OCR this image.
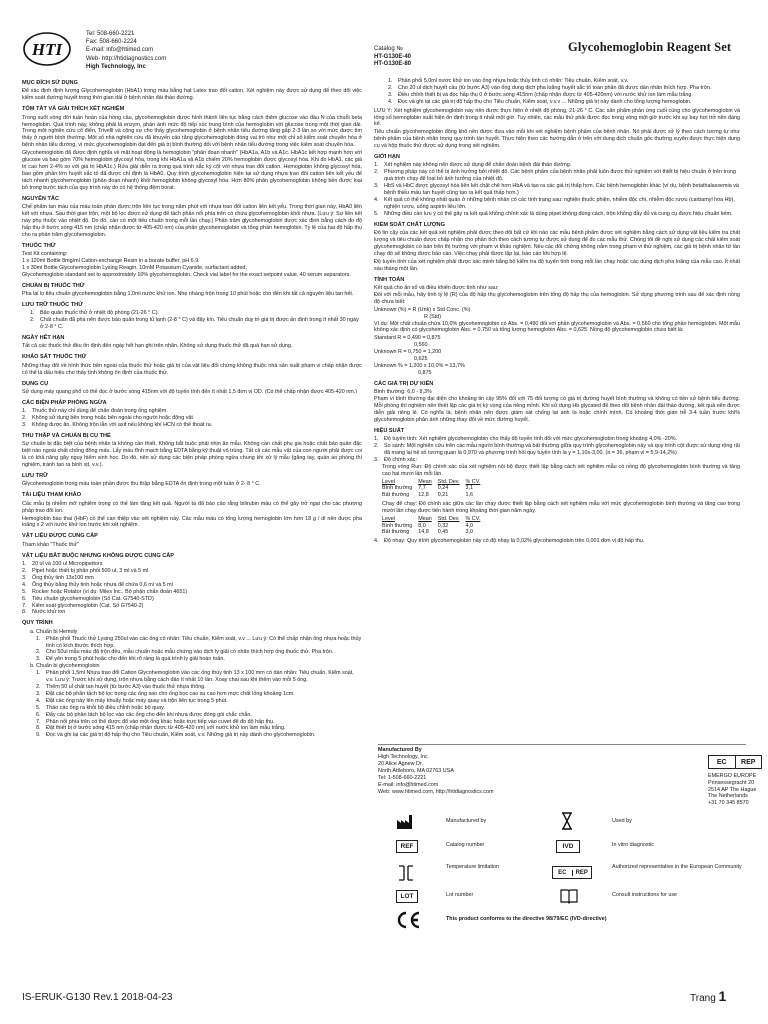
HTI
Tel: 508-660-2221
Fax: 508-660-2224
E-mail: info@htimed.com
Web- http://htidiagnostics.com
High Technology, Inc
Glycohemoglobin Reagent Set
Catalog №
HT-G130E-40
HT-G130E-80
MỤC ĐÍCH SỬ DỤNG
Để xác định định lượng Glycohemoglobin (HbA1) trong máu bằng hạt Latex trao đổi cation. Xét nghiệm này được sử dụng để theo dõi việc kiểm soát đường huyết trong thời gian dài ở bệnh nhân đái tháo đường.
TÓM TẮT VÀ GIẢI THÍCH XÉT NGHIỆM
Trong suốt vòng đời tuần hoàn của hồng cầu, glycohemoglobin được hình thành liên tục bằng cách thêm glucose vào đầu N của chuỗi beta hemoglobin. Quá trình này, không phải là enzym, phản ánh mức độ tiếp xúc trung bình của hemoglobin với glucose trong một thời gian dài. Trong một nghiên cứu cổ điển, Trivelli và cộng sự cho thấy glycohemoglobin ở bệnh nhân tiểu đường tăng gấp 2-3 lần so với mức được tìm thấy ở người bình thường. Một số nhà nghiên cứu đã khuyến cáo rằng glycohemoglobin đóng vai trò như một chỉ số kiểm soát chuyển hóa ở bệnh nhân tiểu đường, vì mức glycohemoglobin đạt đến giá trị bình thường đối với bệnh nhân tiểu đường trong việc kiểm soát chuyển hóa.
Glycohemoglobin đã được định nghĩa về mặt hoạt động là hemoglobin "phân đoạn nhanh" (HbA1a, A1b và A1c. HbA1c kết hợp mạnh hơn với glucose và bao gồm 70% hemoglobin glycosyl hóa, trong khi HbA1a và A1b chiếm 20% hemoglobin được glycosyl hóa. Khi đo HbA1, các giá trị cao hơn 2-4% so với giá trị HbA1c.) Rửa giải diễn ra trong quá trình sắc ký cột với nhựa trao đổi cation. Hemoglobin không glycosyl hóa, bao gồm phần lớn huyết sắc tố đã được chỉ định là HbA0. Quy trình glycohemoglobin hiện tại sử dụng nhựa trao đổi cation liên kết yếu để tách nhanh glycohemoglobin (phân đoạn nhanh) khỏi hemoglobin không glycosyl hóa. Hơn 80% phân glycohemoglobin không bền được loại bỏ trong bước tách của quy trình này do có hệ thống đệm borat.
NGUYÊN TẮC
Chế phẩm tan máu của máu toàn phần được trộn liên tục trong năm phút với nhựa trao đổi cation liên kết yếu. Trong thời gian này, HbA0 liên kết với nhựa. Sau thời gian trộn, một bộ lọc được sử dụng để tách phần nổi phía trên có chứa glycohemoglobin khỏi nhựa. (Lưu ý: Sự liên kết này phụ thuộc vào nhiệt độ. Do đó, cần có một tiêu chuẩn trong mỗi lần chạy.) Phần trăm glycohemoglobin được xác định bằng cách đo độ hấp thụ ở bước sóng 415 nm (chấp nhận được từ 405-420 nm) của phần glycohemoglobin và tổng phần hemoglobin. Tỷ lệ của hai độ hấp thụ cho ra phần trăm glycohemoglobin.
THUỐC THỬ
Test Kit containing:
1 x 120ml Bottle 8mg/ml Cation-exchange Resin in a borate buffer, pH 6.9.
1 x 30ml Bottle Glycohemoglobin Lysing Reagin, 10mM Potassium Cyanide, surfactant added.
Glycohemoglobin standard set to approximately 10% glycohemoglobin. Check vial label for the exact setpoint value. 40 serum separators.
CHUẨN BỊ THUỐC THỬ
Pha lại lọ tiêu chuẩn glycohemoglobin bằng 1,0ml nước khử ion. Nhẹ nhàng trộn trong 10 phút hoặc cho đến khi tất cả nguyên liệu tan hết.
LƯU TRỮ THUỐC THỬ
1.	Bảo quản thuốc thử ở nhiệt độ phòng (21-26 ° C).
2.	Chất chuẩn đã pha nên được bảo quản trong tủ lạnh (2-8 ° C) và đậy kín. Tiêu chuẩn duy trì giá trị được ấn định trong ít nhất 30 ngày ở 2-8 ° C.
NGÀY HẾT HẠN
Tất cả các thuốc thử đều ổn định đến ngày hết hạn ghi trên nhãn. Không sử dụng thuốc thử đã quá hạn sử dụng.
KHẢO SÁT THUỐC THỬ
Những thay đổi về hình thức bên ngoài của thuốc thử hoặc giá trị của vật liệu đối chứng không thuộc nhà sản xuất phạm vi chấp nhận được có thể là dấu hiệu cho thấy tình không ổn định của thuốc thử.
DỤNG CỤ
Sử dụng máy quang phổ có thể đọc ở bước sóng 415nm với độ tuyến tính đến ít nhất 1,5 đơn vị OD. (Có thể chấp nhận được 405-420 nm.)
CÁC BIỆN PHÁP PHÒNG NGỪA
1.	Thuốc thử này chỉ dùng để chẩn đoán trong ống nghiệm.
2.	Không sử dụng bên trong hoặc bên ngoài cho người hoặc động vật.
3.	Không được ăn. Không trộn lẫn với axit nếu không khí HCN có thể thoát ra.
THU THẬP VÀ CHUẨN BỊ CỤ THỂ
Sự chuẩn bị đặc biệt của bệnh nhân là không cần thiết. Không bắt buộc phải nhịn ăn mẫu. Không cần chất phụ gia hoặc chất bảo quản đặc biệt nào ngoài chất chống đông máu. Lấy máu tĩnh mạch bằng EDTA bằng kỹ thuật vô trùng. Tất cả các mẫu vật của con người phải được coi là có khả năng gây nguy hiểm sinh học. Do đó, nên sử dụng các biện pháp phòng ngừa chung khi xử lý mẫu (găng tay, quần áo phòng thí nghiệm, tránh tạo ra bình xịt, v.v.).
LƯU TRỮ
Glycohemoglobin trong máu toàn phần được thu thập bằng EDTA ổn định trong một tuần ở 2- 8 ° C.
TÀI LIỆU THAM KHẢO
Các mẫu bị nhiễm mỡ nghiêm trọng có thể làm tăng kết quả. Người ta đã báo cáo rằng bilirubin máu có thể gây trở ngại cho các phương pháp trao đổi ion.
Hemoglobin bào thai (HbF) có thể can thiệp vào xét nghiệm này. Các mẫu máu có tổng lượng hemoglobin lớn hơn 18 g / dl nên được pha loãng x 2 với nước khử ion trước khi xét nghiệm.
VẬT LIỆU ĐƯỢC CUNG CẤP
Tham khảo "Thuốc thử"
VẬT LIỆU BẮT BUỘC NHƯNG KHÔNG ĐƯỢC CUNG CẤP
1.	20 ul và 100 ul Micropipettors
2.	Pipet hoặc thiết bị phân phối 500 ul, 3 ml và 5 ml
3.	Ống thủy tinh 13x100 mm
4.	Ống thủy bằng thủy tinh hoặc nhựa để chứa 0,6 ml và 5 ml
5.	Rocker hoặc Rotator (ví dụ: Miles Inc., Bộ phận chẩn đoán 4651)
6.	Tiêu chuẩn glycohemoglobin (Số Cat. G7540-STD)
7.	Kiểm soát glycohemoglobin (Cat. Số G7540-2)
8.	Nước khử ion
QUY TRÌNH
a. Chuẩn bị Hemoly
1.	Phân phối Thuốc thử Lysing 250ul vào các ống có nhãn: Tiêu chuẩn, Kiểm soát, v.v ... Lưu ý: Có thể chấp nhận ống nhựa hoặc thủy tinh có kích thước thích hợp.
2.	Cho 50ul mẫu máu đã trộn đều, mẫu chuẩn hoặc mẫu chứng vào dịch ly giải có nhãn thích hợp ống thuốc thử. Pha trộn.
3.	Để yên trong 5 phút hoặc cho đến khi rõ ràng là quá trình ly giải hoàn toàn.
b. Chuẩn bị glycohemoglobin
1.	Phân phối 1,5ml Nhựa trao đổi Cation Glycohemoglobin vào các ống thủy tinh 13 x 100 mm có dán nhãn: Tiêu chuẩn, Kiểm soát, v.v. Lưu ý: Trước khi sử dụng, trộn nhựa bằng cách đảo ít nhất 10 lần. Xoay chai sau khi thêm vào mỗi 5 ống.
2.	Thêm 50 ul chất tan huyết (từ bước A3) vào thuốc thử nhựa thông.
3.	Đặt các bộ phân tách bộ lọc trong các ống sao cho ống bọc cao su cao hơn mực chất lỏng khoảng 1cm.
4.	Đặt các ống này lên máy khuấy hoặc máy quay và trộn liên tục trong 5 phút.
5.	Tháo các ống ra khỏi bộ điều chỉnh hoặc bộ quay.
6.	Đẩy các bộ phân tách bộ lọc vào các ống cho đến khi nhựa được đóng gói chắc chắn.
7.	Phân nổi phía trên có thể được đổ vào một ống khác hoặc trực tiếp vào cuvet để đo độ hấp thụ.
8.	Đặt thiết bị ở bước sóng 415 nm (chấp nhận được từ 405-420 nm) với nước khử ion làm mẫu trắng.
9.	Đọc và ghi lại các giá trị độ hấp thụ cho Tiêu chuẩn, Kiểm soát, v.v. Những giá trị này dành cho glycohemoglobin.
1.	Phân phối 5,0ml nước khử ion vào ống nhựa hoặc thủy tinh có nhãn: Tiêu chuẩn, Kiểm soát, v.v.
2.	Cho 20 ul dịch huyết cầu (từ bước A3) vào ống dung dịch pha loãng huyết sắc tố toàn phần đã được dán nhãn thích hợp. Pha trộn.
3.	Điều chỉnh thiết bị và đọc hấp thụ 0 ở bước sóng 415nm (chấp nhận được từ 405-420nm) với nước khử ion làm mẫu trắng.
4.	Đọc và ghi lại các giá trị độ hấp thụ cho Tiêu chuẩn, Kiểm soát, v.v.v ... Những giá trị này dành cho tổng lượng hemoglobin.
LƯU Ý: Xét nghiệm glycohemoglobin này nên được thực hiện ở nhiệt độ phòng, 21-26 ° C. Các sản phẩm phản ứng cuối cùng cho glycohemoglobin và tổng số hemoglobin xuất hiện ổn định trong ít nhất một giờ. Tuy nhiên, các mẫu thử phải được đọc trong vòng một giờ trước khi sự bay hơi trở nên đáng kể.
Tiêu chuẩn glycohemoglobin đông khô nên được đưa vào mỗi khi xét nghiệm bệnh phẩm của bệnh nhân. Nó phải được xử lý theo cách tương tự như bệnh phẩm của bệnh nhân trong quy trình tán huyết. Thực hiện theo các hướng dẫn ở trên với dung dịch chuẩn gốc thường xuyên được thực hiện dung cụ và hộp thuốc thử được sử dụng trong xét nghiệm.
GIỚI HẠN
1.	Xét nghiệm này không nên được sử dụng để chẩn đoán bệnh đái tháo đường.
2.	Phương pháp này có thể bị ảnh hưởng bởi nhiệt độ. Các bệnh phẩm của bệnh nhân phải luôn được thử nghiệm với thiết bị hiệu chuẩn ở trên trong quá trình chạy để loại bỏ ảnh hưởng của nhiệt độ.
3.	HbS và HbC được glycosyl hóa liên kết chặt chẽ hơn HbA và tạo ra các giá trị thấp hơn. Các bệnh hemoglobin khác (ví dụ, bệnh betathalassemia và bệnh thiếu máu tan huyết cũng tạo ra kết quả thấp hơn.)
4.	Kết quả có thể không nhất quán ở những bệnh nhân có các tình trạng sau: nghiện thuốc phiện, nhiễm độc chì, nhiễm độc rượu (carbamyl hóa Hb), nghiện rượu, uống aspirin liều lớn.
5.	Những điều cần lưu ý có thể gây ra kết quả không chính xác là dùng pipet không đúng cách, trộn không đầy đủ và cung cụ được hiệu chuẩn kém.
KIỂM SOÁT CHẤT LƯỢNG
Độ tin cậy của các kết quả xét nghiệm phải được theo dõi bất cứ khi nào các mẫu bệnh phẩm được xét nghiệm bằng cách sử dụng vật liệu kiểm tra chất lượng và tiêu chuẩn được chấp nhận cho phân tích theo cách tương tự được sử dụng để đo các mẫu thử. Chúng tôi đề nghị sử dụng các chất kiểm soát glycohemoglobin có bán trên thị trường với phạm vi khảo nghiệm. Nếu các đối chứng không nằm trong phạm vi thử nghiệm, các giá trị bệnh nhân từ lần chạy đó sẽ không được báo cáo. Việc chạy phải được lặp lại, báo cáo khi hợp lệ.
Độ tuyến tính của xét nghiệm phải được xác minh bằng bộ kiểm tra độ tuyến tính trong mỗi lần chạy hoặc các dung dịch pha loãng của mẫu cao. Ít nhất sáu tháng một lần.
TÍNH TOÁN
Kết quả cho ẩn số và điều khiển được tính như sau:
Đối với mỗi mẫu, hãy tính tỷ lệ (R) của độ hấp thụ glycohemoglobin trên tổng độ hấp thụ của hemoglobin. Sử dụng phương trình sau để xác định nồng độ chưa biết:
Unknown (%) = R (Unk) x Std Conc. (%)
R (Std)
Ví dụ: Một chất chuẩn chứa 10,0% glycohemoglobin có Abs. = 0,490 đối với phần glycohemoglobin và Abs. = 0,560 cho tổng phần hemoglobin. Một mẫu không xác định có glycohemoglobin Abs. = 0,750 và tổng lượng hemoglobin Abs. = 0,625. Nồng độ glycohemoglobin chưa biết là:
Standard R = 0,490 = 0,875
0,560
Unknown R = 0,750 = 1,200
0,625
Unknown % = 1,200 x 10,0% = 13,7%
0,875
CÁC GIÁ TRỊ DỰ KIẾN
Bình thường: 6,0 - 8,3%
Phạm vi bình thường đại diện cho khoảng tin cậy 95% đối với 75 đối tượng có giá trị đường huyết bình thường và không có tiền sử bệnh tiểu đường. Mỗi phòng thí nghiệm nên thiết lập các giá trị kỳ vọng của riêng mình. Khi sử dụng Hb glycated để theo dõi bệnh nhân đái tháo đường, kết quả nên được diễn giải riêng lẻ. Có nghĩa là, bệnh nhân nên được giám sát chống lại anh ta hoặc chính mình. Có khoảng thời gian trễ 3-4 tuần trước khi% glycohemoglobin phản ánh những thay đổi về mức đường huyết.
HIỆU SUẤT
1.	Độ tuyến tính: Xét nghiệm glycohemoglobin cho thấy độ tuyến tính đối với mức glycohemoglobin trong khoảng 4,0% -20%.
2.	So sánh: Một nghiên cứu trên các mẫu người bình thường và bất thường giữa quy trình glycohemoglobin này và quy trình cột được sử dụng rộng rãi đã mang lại hệ số tương quan là 0,970 và phương trình hồi quy tuyến tính là y = 1,10x-3,00. (n = 36, phạm vi = 5,9-14,2%)
3.	Độ chính xác:
Trong vòng Run: Độ chính xác của xét nghiệm nội bộ được thiết lập bằng cách xét nghiệm mẫu có nồng độ glycohemoglobin bình thường và tăng cao hai mươi lần mỗi lần.
Level	Mean	Std. Dev.	% CV.
Bình thường	7,7	0,24	3,1
Bất thường	12,8	0,21	1,6
Chạy để chạy: Độ chính xác giữa các lần chạy được thiết lập bằng cách xét nghiệm mẫu với mức glycohemoglobin bình thường và tăng cao trong mười lần chạy được tiến hành trong khoảng thời gian năm ngày.
Level	Mean	Std. Dev.	% CV.
Bình thường	8,0	0,32	4,0
Bất thường	14,8	0,45	3,0
4.	Độ nhạy: Quy trình glycohemoglobin này có độ nhạy là 0,02% glycohemoglobin trên 0,001 đơn vị độ hấp thụ.
Manufactured By
High Technology, Inc.
20 Alice Agnew Dr.
North Attleboro, MA 02763 USA
Tel: 1-508-660-2221
E-mail: info@htimed.com
Web: www.htimed.com, http://htidiagnostics.com
EC	REP
EMERGO EUROPE
Prinsessegracht 20
2514 AP The Hague
The Netherlands
+31 70 345 8570
Manufactured by	Used by
REF	Catalog number	IVD	In vitro diagnostic
Temperature limitation
EC	REP
Authorized representative in the European Community
LOT	Lot number	Consult instructions for use
This product conforms to the directive 98/79/EC (IVD-directive)
IS-ERUK-G130 Rev.1 2018-04-23	Trang 1
